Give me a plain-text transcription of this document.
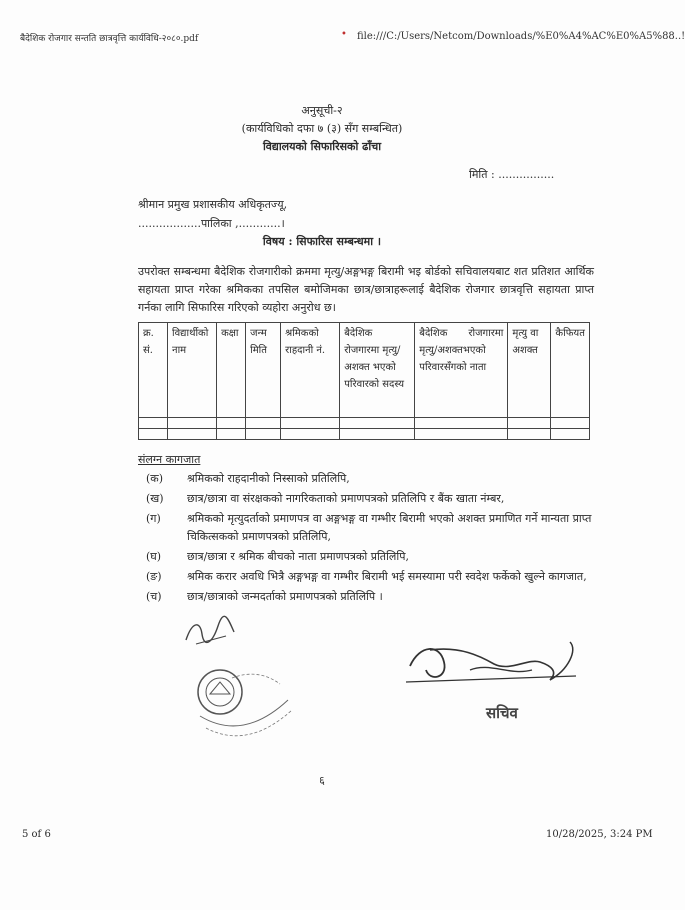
बैदेशिक रोजगार सन्तति छात्रवृत्ति कार्यविधि-२०८०.pdf	• file:///C:/Users/Netcom/Downloads/%E0%A4%AC%E0%A5%88..!
अनुसूची-२
(कार्यविधिको दफा ७ (३) सँग सम्बन्धित)
विद्यालयको सिफारिसको ढाँचा
मिति : ................
श्रीमान प्रमुख प्रशासकीय अधिकृतज्यू,
..................पालिका ,............।
विषय : सिफारिस सम्बन्धमा ।
उपरोक्त सम्बन्धमा बैदेशिक रोजगारीको क्रममा मृत्यु/अङ्गभङ्ग बिरामी भइ बोर्डको सचिवालयबाट शत प्रतिशत आर्थिक सहायता प्राप्त गरेका श्रमिकका तपसिल बमोजिमका छात्र/छात्राहरूलाई बैदेशिक रोजगार छात्रवृत्ति सहायता प्राप्त गर्नका लागि सिफारिस गरिएको व्यहोरा अनुरोध छ।
क्र. सं.	विद्यार्थीको नाम	कक्षा	जन्म मिति	श्रमिकको राहदानी नं.	बैदेशिक रोजगारमा मृत्यु/अशक्त भएको परिवारको सदस्य	बैदेशिक रोजगारमा मृत्यु/अशक्तभएको परिवारसँगको नाता	मृत्यु वा अशक्त	कैफियत

संलग्न कागजात
(क) श्रमिकको राहदानीको निस्साको प्रतिलिपि,
(ख) छात्र/छात्रा वा संरक्षकको नागरिकताको प्रमाणपत्रको प्रतिलिपि र बैंक खाता नंम्बर,
(ग) श्रमिकको मृत्युदर्ताको प्रमाणपत्र वा अङ्गभङ्ग वा गम्भीर बिरामी भएको अशक्त प्रमाणित गर्ने मान्यता प्राप्त चिकित्सकको प्रमाणपत्रको प्रतिलिपि,
(घ) छात्र/छात्रा र श्रमिक बीचको नाता प्रमाणपत्रको प्रतिलिपि,
(ङ) श्रमिक करार अवधि भित्रै अङ्गभङ्ग वा गम्भीर बिरामी भई समस्यामा परी स्वदेश फर्केको खुल्ने कागजात,
(च) छात्र/छात्राको जन्मदर्ताको प्रमाणपत्रको प्रतिलिपि ।
सचिव
६
5 of 6	10/28/2025, 3:24 PM
